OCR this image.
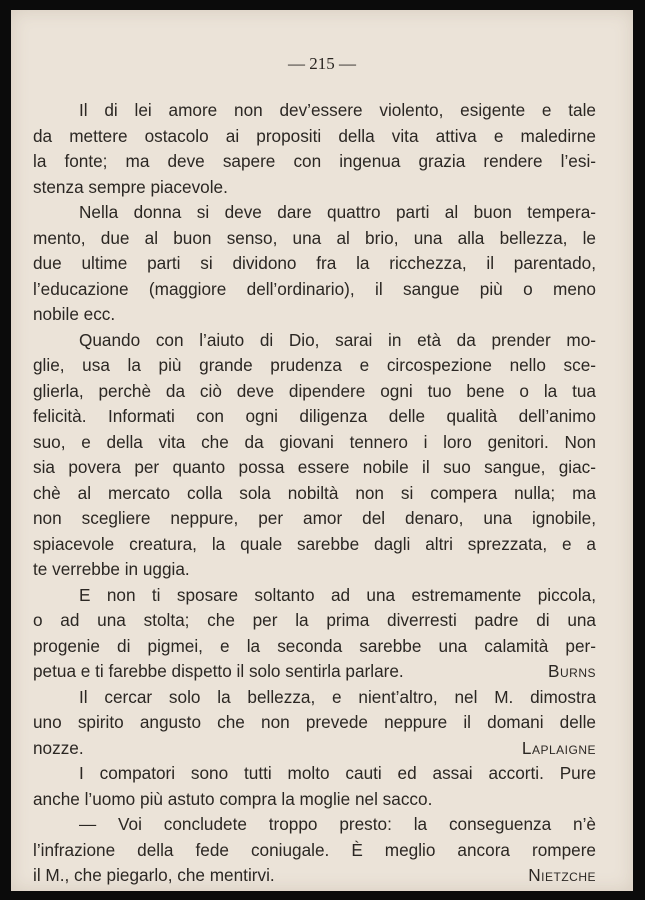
— 215 —
Il di lei amore non dev’essere violento, esigente e tale
da mettere ostacolo ai propositi della vita attiva e maledirne
la fonte; ma deve sapere con ingenua grazia rendere l’esi-
stenza sempre piacevole.
Nella donna si deve dare quattro parti al buon tempera-
mento, due al buon senso, una al brio, una alla bellezza, le
due ultime parti si dividono fra la ricchezza, il parentado,
l’educazione (maggiore dell’ordinario), il sangue più o meno
nobile ecc.
Quando con l’aiuto di Dio, sarai in età da prender mo-
glie, usa la più grande prudenza e circospezione nello sce-
glierla, perchè da ciò deve dipendere ogni tuo bene o la tua
felicità. Informati con ogni diligenza delle qualità dell’animo
suo, e della vita che da giovani tennero i loro genitori. Non
sia povera per quanto possa essere nobile il suo sangue, giac-
chè al mercato colla sola nobiltà non si compera nulla; ma
non scegliere neppure, per amor del denaro, una ignobile,
spiacevole creatura, la quale sarebbe dagli altri sprezzata, e a
te verrebbe in uggia.
E non ti sposare soltanto ad una estremamente piccola,
o ad una stolta; che per la prima diverresti padre di una
progenie di pigmei, e la seconda sarebbe una calamità per-
petua e ti farebbe dispetto il solo sentirla parlare.	Burns
Il cercar solo la bellezza, e nient’altro, nel M. dimostra
uno spirito angusto che non prevede neppure il domani delle
nozze.	Laplaigne
I compatori sono tutti molto cauti ed assai accorti. Pure
anche l’uomo più astuto compra la moglie nel sacco.
— Voi concludete troppo presto: la conseguenza n’è
l’infrazione della fede coniugale. È meglio ancora rompere
il M., che piegarlo, che mentirvi.	Nietzche
